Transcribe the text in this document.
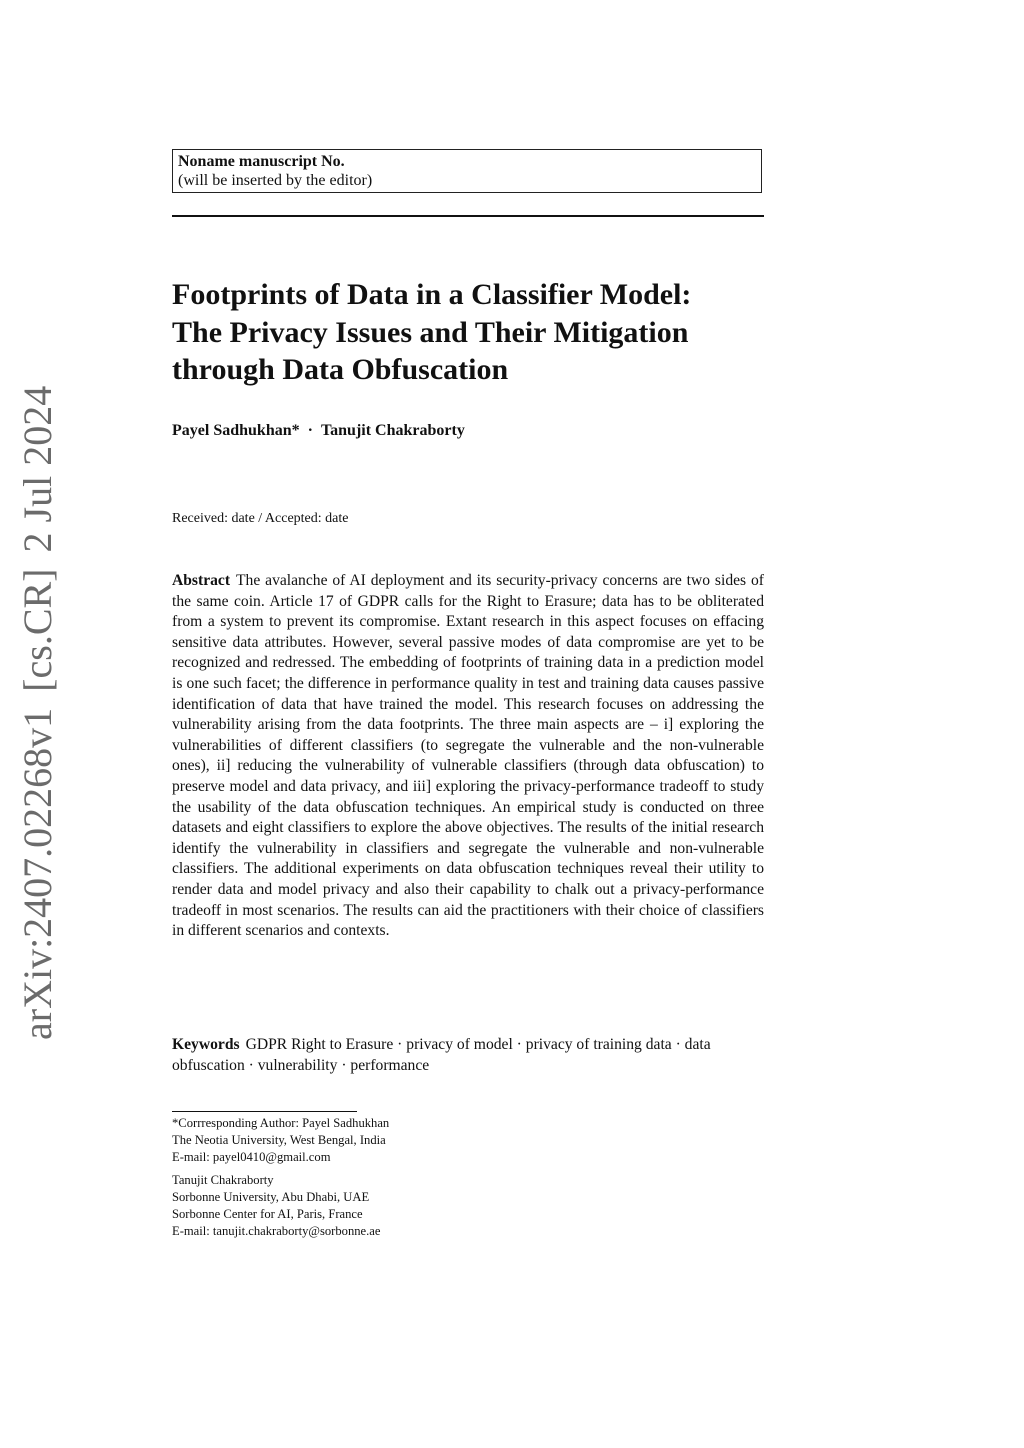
arXiv:2407.02268v1[cs.CR]2 Jul 2024
Noname manuscript No.
(will be inserted by the editor)
Footprints of Data in a Classifier Model:
The Privacy Issues and Their Mitigation
through Data Obfuscation
Payel Sadhukhan* · Tanujit Chakraborty
Received: date / Accepted: date

Abstract The avalanche of AI deployment and its security-privacy concerns are two sides of the same coin. Article 17 of GDPR calls for the Right to Erasure; data has to be obliterated from a system to prevent its compromise. Extant research in this aspect focuses on effacing sensitive data attributes. However, several passive modes of data compromise are yet to be recognized and redressed. The embedding of footprints of training data in a prediction model is one such facet; the difference in performance quality in test and training data causes passive identification of data that have trained the model. This research focuses on addressing the vulnerability arising from the data footprints. The three main aspects are – i] exploring the vulnerabilities of different classifiers (to segregate the vulnerable and the non-vulnerable ones), ii] reducing the vulnerability of vulnerable classifiers (through data obfuscation) to preserve model and data privacy, and iii] exploring the privacy-performance tradeoff to study the usability of the data obfuscation techniques. An empirical study is conducted on three datasets and eight classifiers to explore the above objectives. The results of the initial research identify the vulnerability in classifiers and segregate the vulnerable and non-vulnerable classifiers. The additional experiments on data obfuscation techniques reveal their utility to render data and model privacy and also their capability to chalk out a privacy-performance tradeoff in most scenarios. The results can aid the practitioners with their choice of classifiers in different scenarios and contexts.

Keywords GDPR Right to Erasure · privacy of model · privacy of training data · data obfuscation · vulnerability · performance

*Corrresponding Author: Payel Sadhukhan
The Neotia University, West Bengal, India
E-mail: payel0410@gmail.com
Tanujit Chakraborty
Sorbonne University, Abu Dhabi, UAE
Sorbonne Center for AI, Paris, France
E-mail: tanujit.chakraborty@sorbonne.ae
